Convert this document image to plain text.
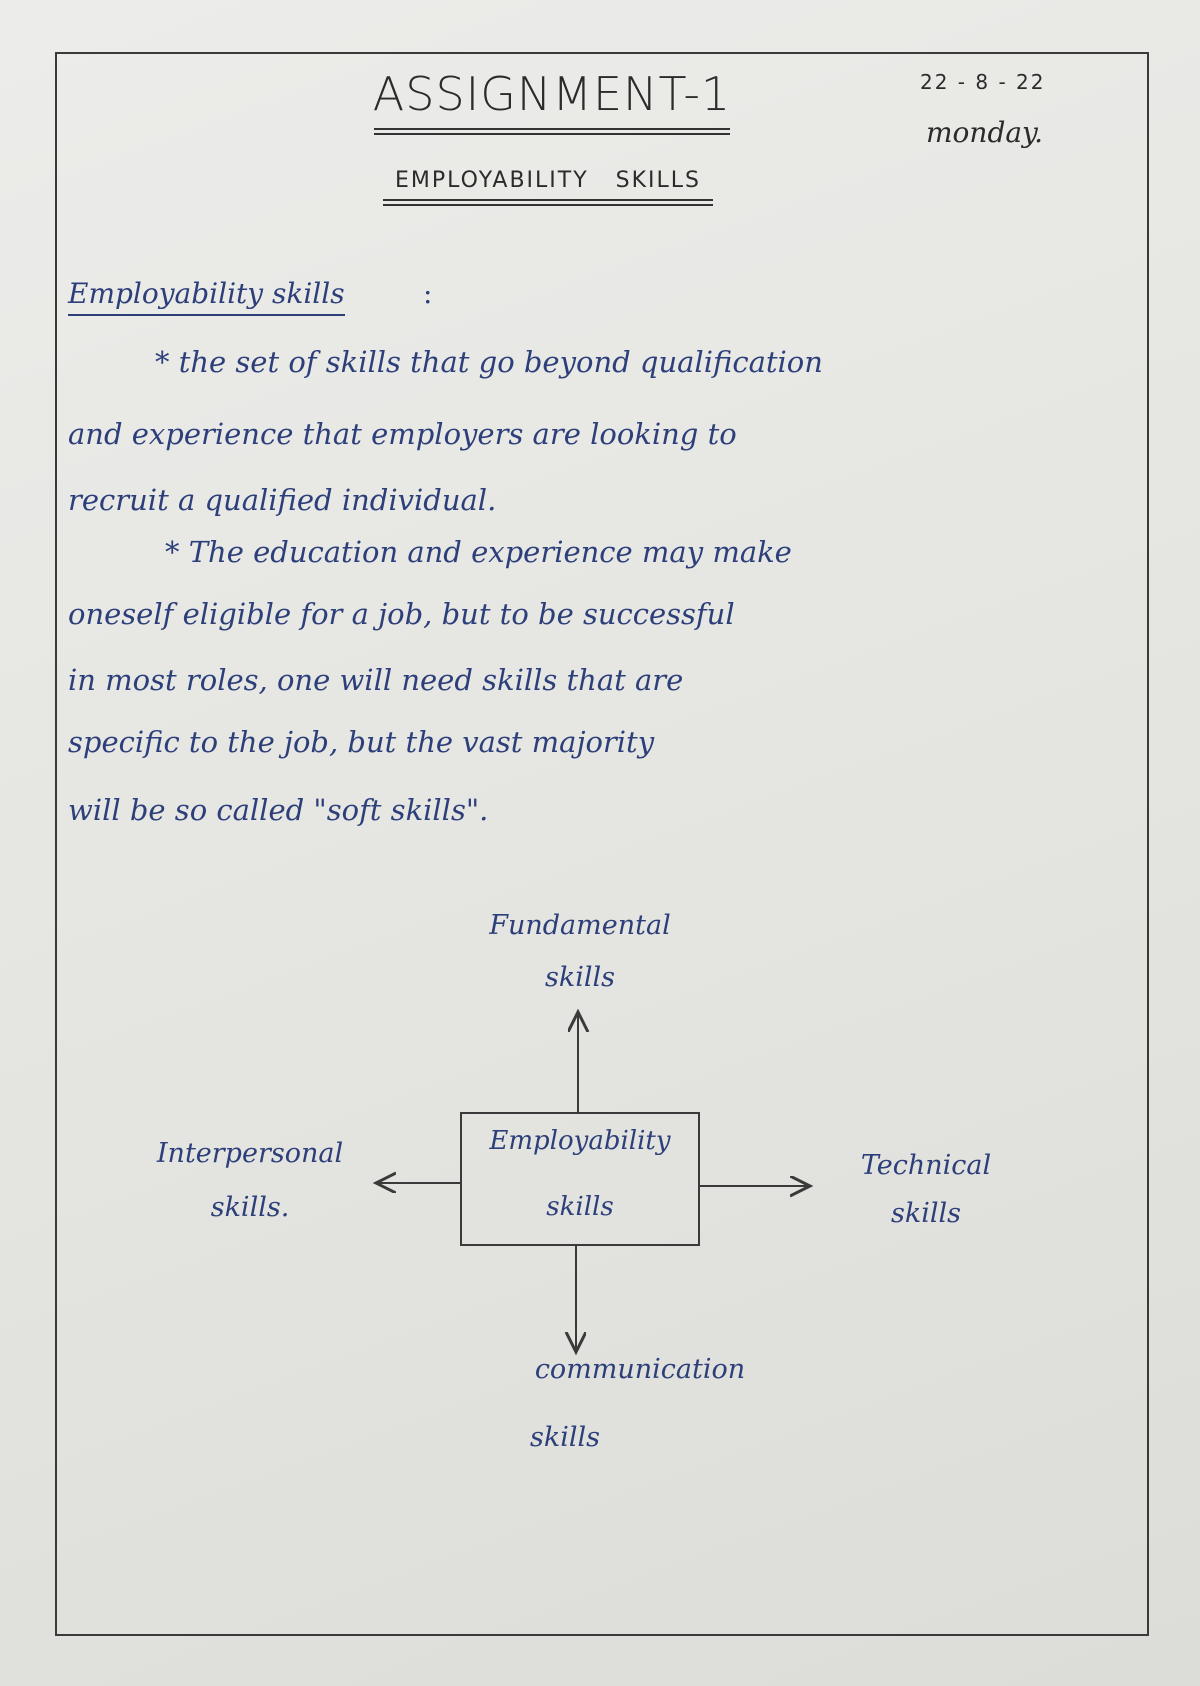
ASSIGNMENT-1

EMPLOYABILITY SKILLS

22 - 8 - 22
monday.
Employability skills	:
* the set of skills that go beyond qualification
and experience that employers are looking to
recruit a qualified individual.
* The education and experience may make
oneself eligible for a job, but to be successful
in most roles, one will need skills that are
specific to the job, but the vast majority
will be so called "soft skills".
Employability
skills
Fundamental
skills
Interpersonal
skills.
Technical
skills
communication
skills
